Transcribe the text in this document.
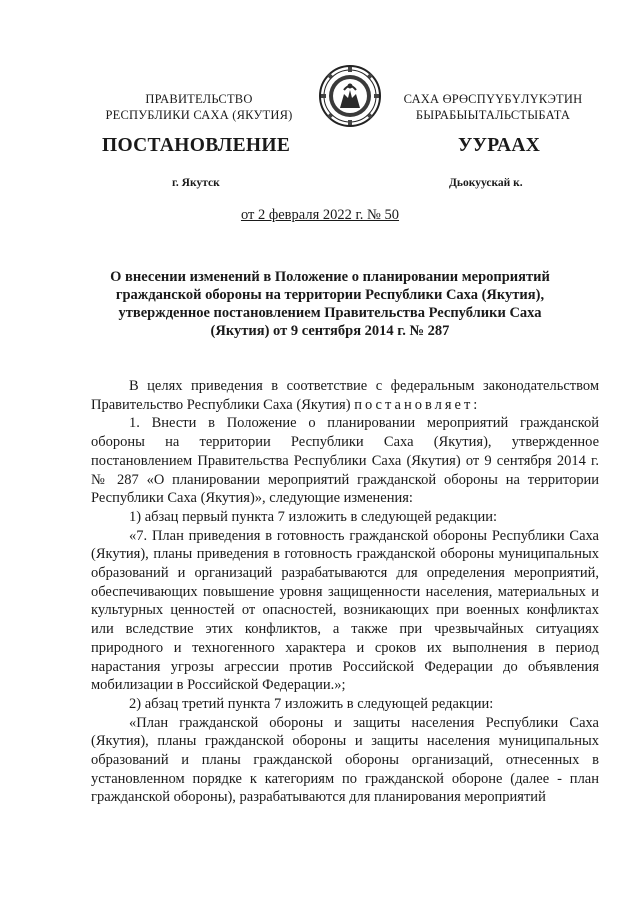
ПРАВИТЕЛЬСТВО
РЕСПУБЛИКИ САХА (ЯКУТИЯ)
САХА ӨРӨСПҮҮБҮЛҮКЭТИН
БЫРАБЫЫТАЛЬСТЫБАТА
ПОСТАНОВЛЕНИЕ	УУРААХ
г. Якутск	Дьокуускай к.
от 2 февраля 2022 г. № 50
О внесении изменений в Положение о планировании мероприятий гражданской обороны на территории Республики Саха (Якутия), утвержденное постановлением Правительства Республики Саха (Якутия) от 9 сентября 2014 г. № 287

В целях приведения в соответствие с федеральным законодательством Правительство Республики Саха (Якутия) постановляет:

1. Внести в Положение о планировании мероприятий гражданской обороны на территории Республики Саха (Якутия), утвержденное постановлением Правительства Республики Саха (Якутия) от 9 сентября 2014 г. № 287 «О планировании мероприятий гражданской обороны на территории Республики Саха (Якутия)», следующие изменения:

1) абзац первый пункта 7 изложить в следующей редакции:

«7. План приведения в готовность гражданской обороны Республики Саха (Якутия), планы приведения в готовность гражданской обороны муниципальных образований и организаций разрабатываются для определения мероприятий, обеспечивающих повышение уровня защищенности населения, материальных и культурных ценностей от опасностей, возникающих при военных конфликтах или вследствие этих конфликтов, а также при чрезвычайных ситуациях природного и техногенного характера и сроков их выполнения в период нарастания угрозы агрессии против Российской Федерации до объявления мобилизации в Российской Федерации.»;

2) абзац третий пункта 7 изложить в следующей редакции:

«План гражданской обороны и защиты населения Республики Саха (Якутия), планы гражданской обороны и защиты населения муниципальных образований и планы гражданской обороны организаций, отнесенных в установленном порядке к категориям по гражданской обороне (далее - план гражданской обороны), разрабатываются для планирования мероприятий
